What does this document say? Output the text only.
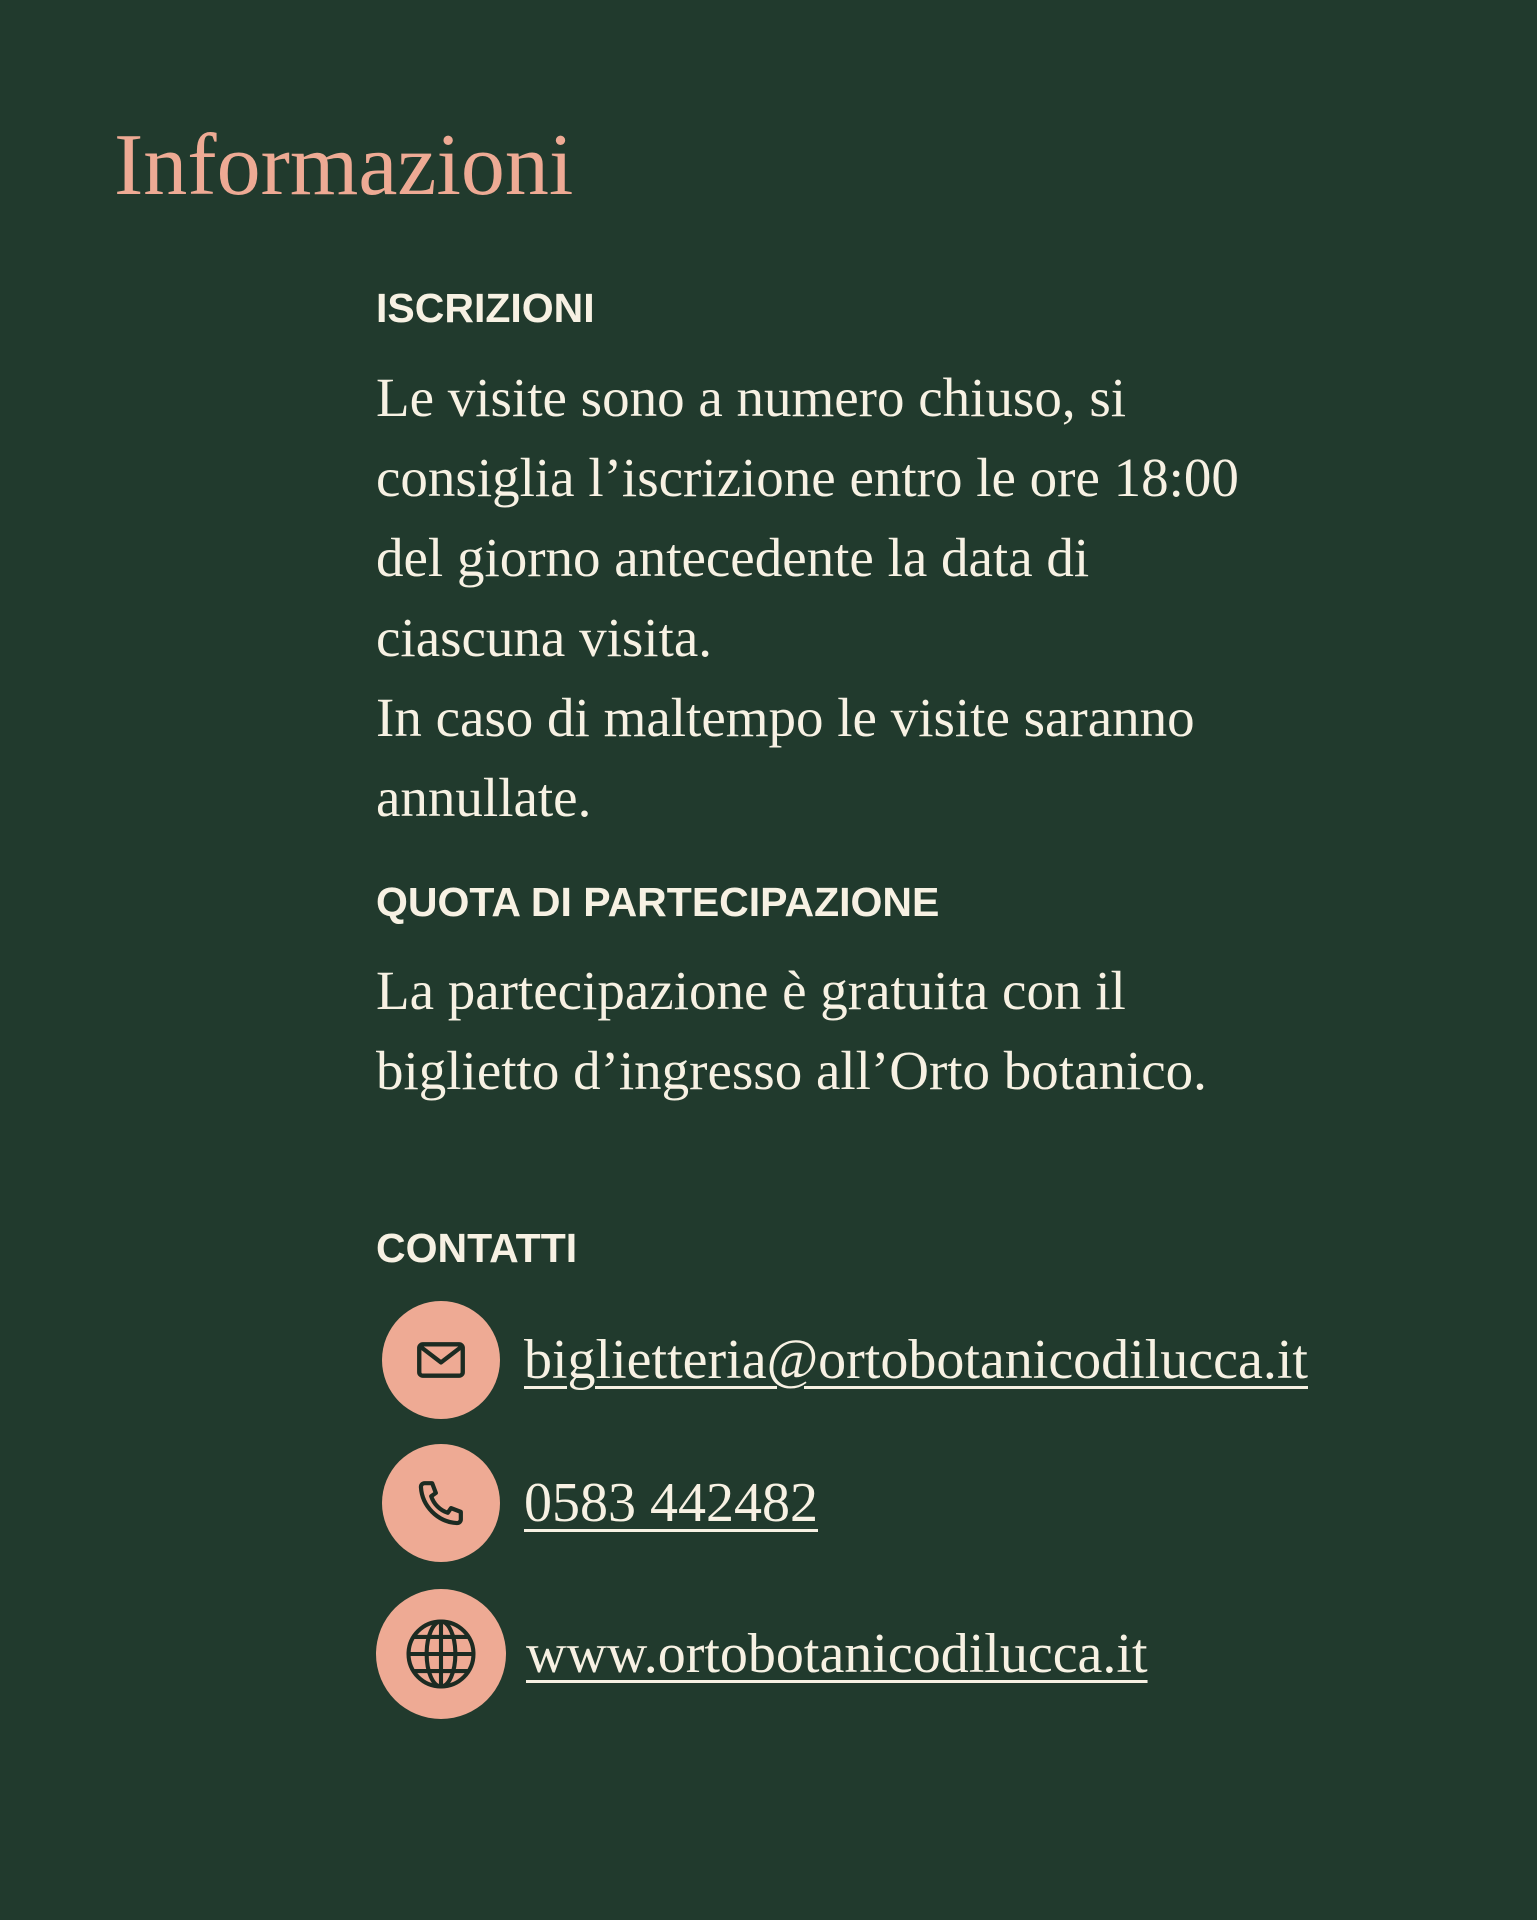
Informazioni
ISCRIZIONI

Le visite sono a numero chiuso, si
consiglia l’iscrizione entro le ore 18:00
del giorno antecedente la data di
ciascuna visita.
In caso di maltempo le visite saranno
annullate.

QUOTA DI PARTECIPAZIONE

La partecipazione è gratuita con il
biglietto d’ingresso all’Orto botanico.

CONTATTI
biglietteria@ortobotanicodilucca.it
0583 442482
www.ortobotanicodilucca.it
